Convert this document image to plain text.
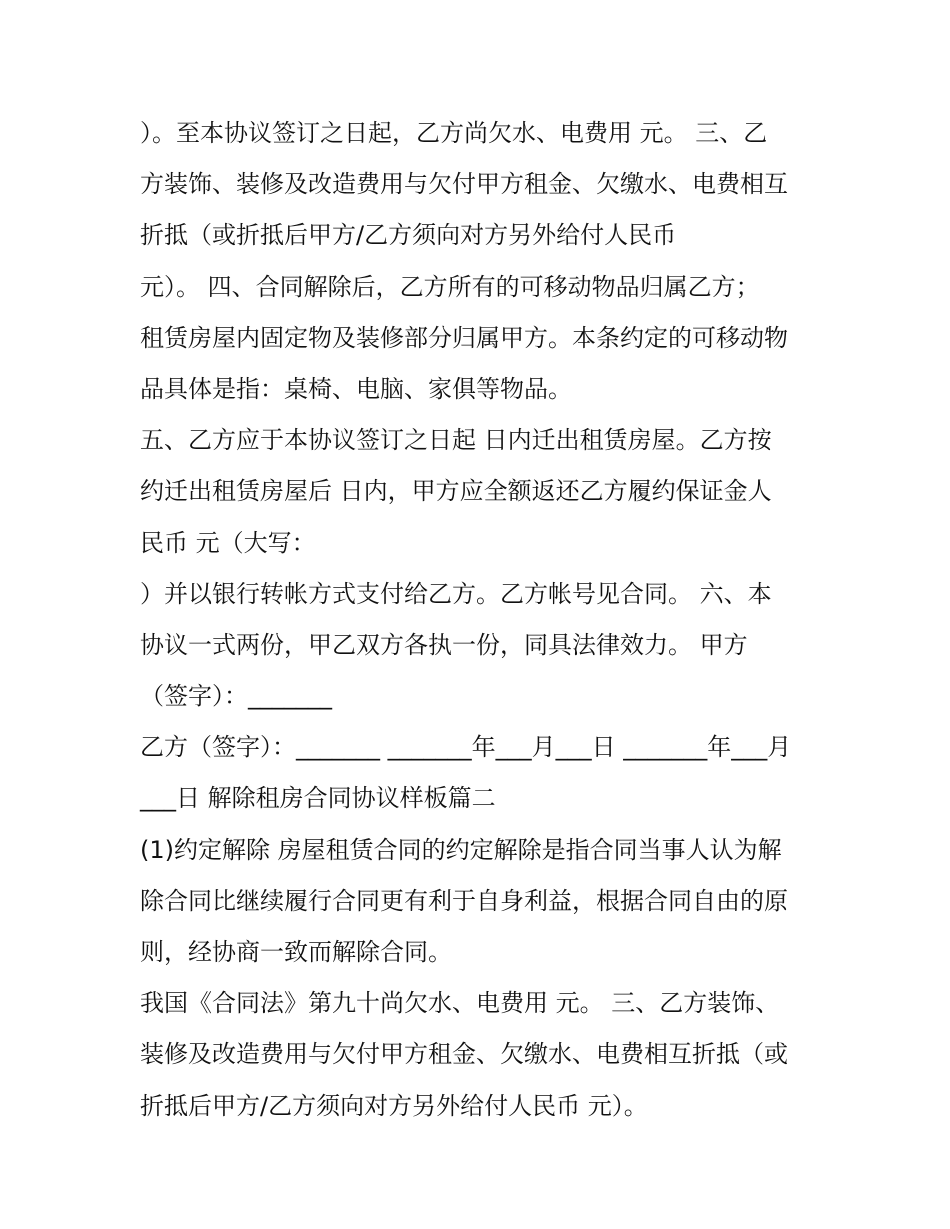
）。至本协议签订之日起，乙方尚欠水、电费用 元。 三、乙
方装饰、装修及改造费用与欠付甲方租金、欠缴水、电费相互
折抵（或折抵后甲方/乙方须向对方另外给付人民币
元）。 四、合同解除后，乙方所有的可移动物品归属乙方；
租赁房屋内固定物及装修部分归属甲方。本条约定的可移动物
品具体是指：桌椅、电脑、家俱等物品。
五、乙方应于本协议签订之日起 日内迁出租赁房屋。乙方按
约迁出租赁房屋后 日内，甲方应全额返还乙方履约保证金人
民币 元（大写：
）并以银行转帐方式支付给乙方。乙方帐号见合同。 六、本
协议一式两份，甲乙双方各执一份，同具法律效力。 甲方
（签字）：_______
乙方（签字）：_______ _______年___月___日 _______年___月
___日 解除租房合同协议样板篇二
(1)约定解除 房屋租赁合同的约定解除是指合同当事人认为解
除合同比继续履行合同更有利于自身利益，根据合同自由的原
则，经协商一致而解除合同。
我国《合同法》第九十尚欠水、电费用 元。 三、乙方装饰、
装修及改造费用与欠付甲方租金、欠缴水、电费相互折抵（或
折抵后甲方/乙方须向对方另外给付人民币 元）。
